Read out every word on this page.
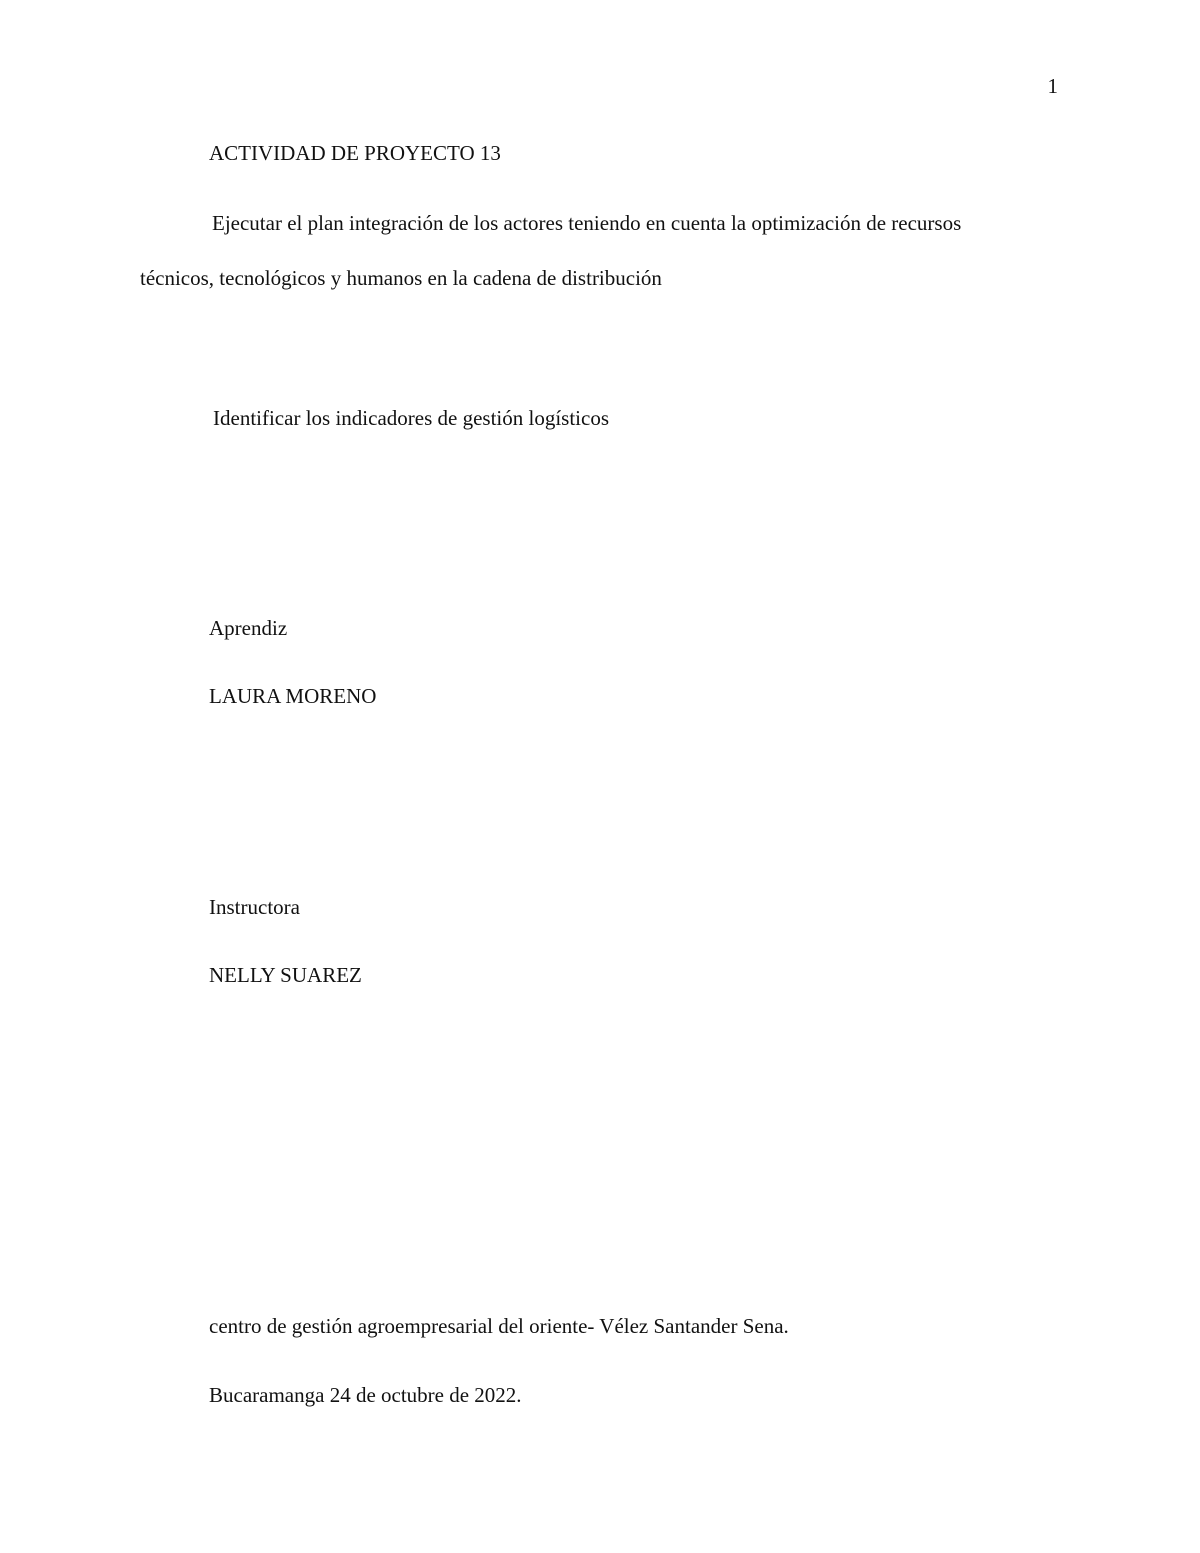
1
ACTIVIDAD DE PROYECTO 13

Ejecutar el plan integración de los actores teniendo en cuenta la optimización de recursos

técnicos, tecnológicos y humanos en la cadena de distribución

Identificar los indicadores de gestión logísticos

Aprendiz

LAURA MORENO

Instructora

NELLY SUAREZ

centro de gestión agroempresarial del oriente- Vélez Santander Sena.

Bucaramanga 24 de octubre de 2022.
